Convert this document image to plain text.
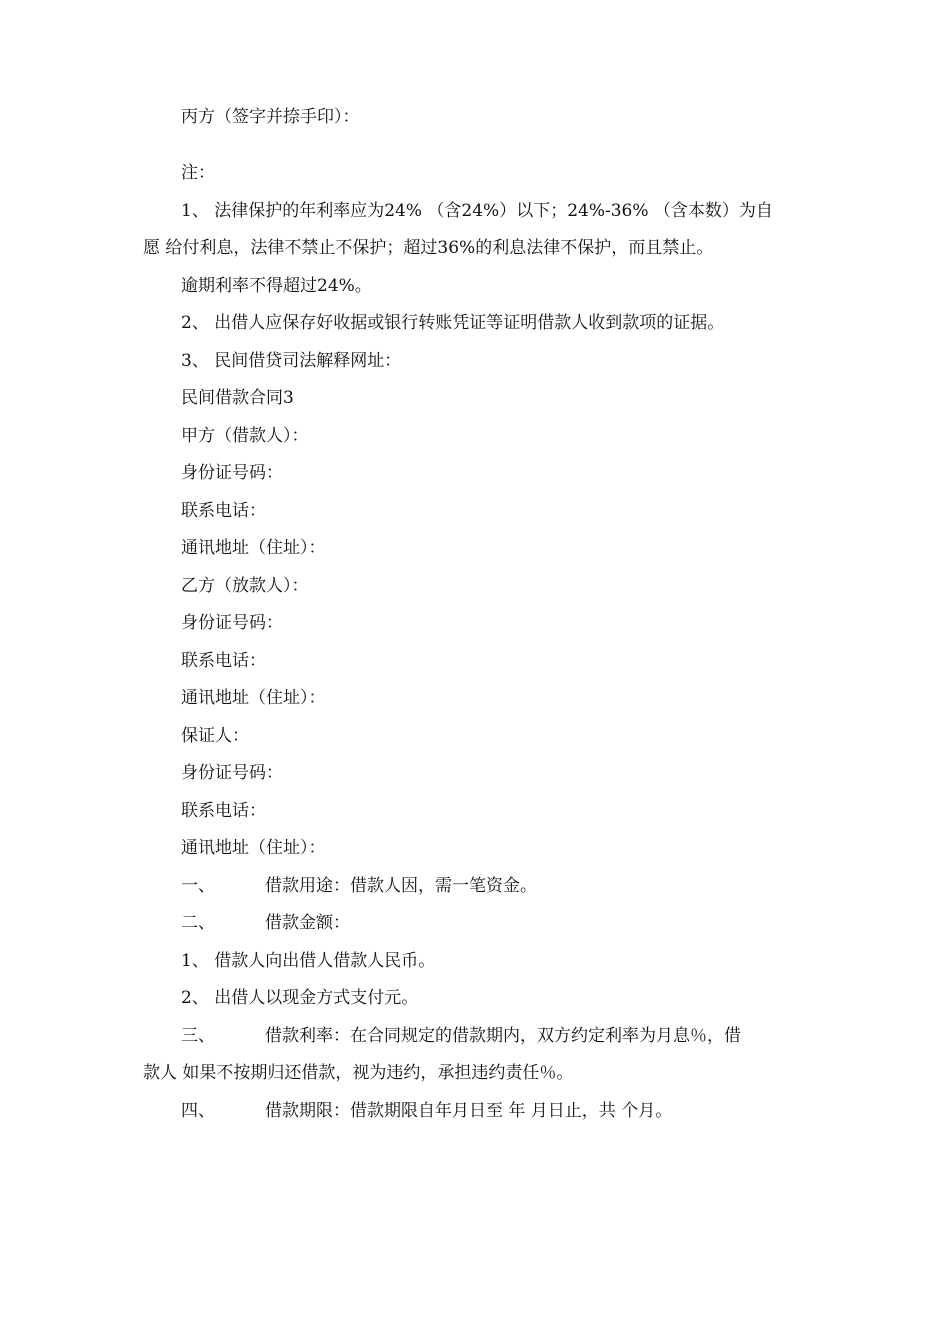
丙方（签字并捺手印）：
注：
1、 法律保护的年利率应为24% （含24%）以下；24%-36% （含本数）为自
愿 给付利息，法律不禁止不保护；超过36%的利息法律不保护，而且禁止。
逾期利率不得超过24%。
2、 出借人应保存好收据或银行转账凭证等证明借款人收到款项的证据。
3、 民间借贷司法解释网址：
民间借款合同3
甲方（借款人）：
身份证号码：
联系电话：
通讯地址（住址）：
乙方（放款人）：
身份证号码：
联系电话：
通讯地址（住址）：
保证人：
身份证号码：
联系电话：
通讯地址（住址）：
一、	借款用途：借款人因，需一笔资金。
二、	借款金额：
1、 借款人向出借人借款人民币。
2、 出借人以现金方式支付元。
三、	借款利率：在合同规定的借款期内，双方约定利率为月息％，借
款人 如果不按期归还借款，视为违约，承担违约责任％。
四、	借款期限：借款期限自年月日至 年 月日止，共 个月。
